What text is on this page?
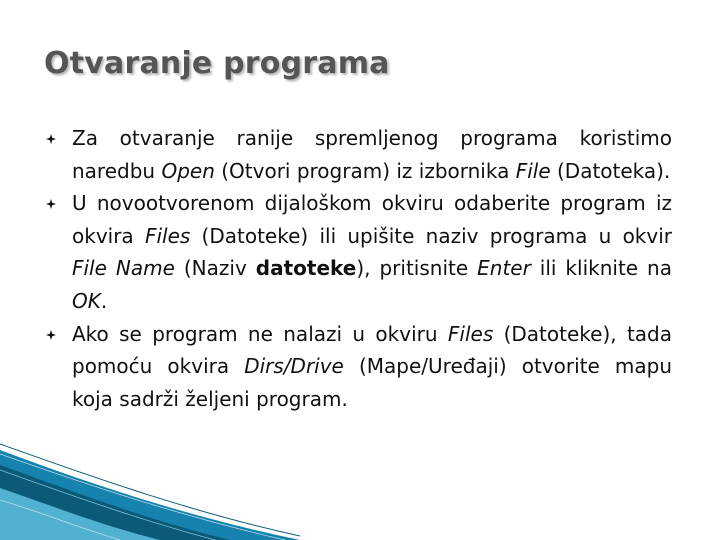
Otvaranje programa
Za otvaranje ranije spremljenog programa koristimo naredbu Open (Otvori program) iz izbornika File (Datoteka).
U novootvorenom dijaloškom okviru odaberite program iz okvira Files (Datoteke) ili upišite naziv programa u okvir File Name (Naziv datoteke), pritisnite Enter ili kliknite na OK.
Ako se program ne nalazi u okviru Files (Datoteke), tada pomoću okvira Dirs/Drive (Mape/Uređaji) otvorite mapu koja sadrži željeni program.
